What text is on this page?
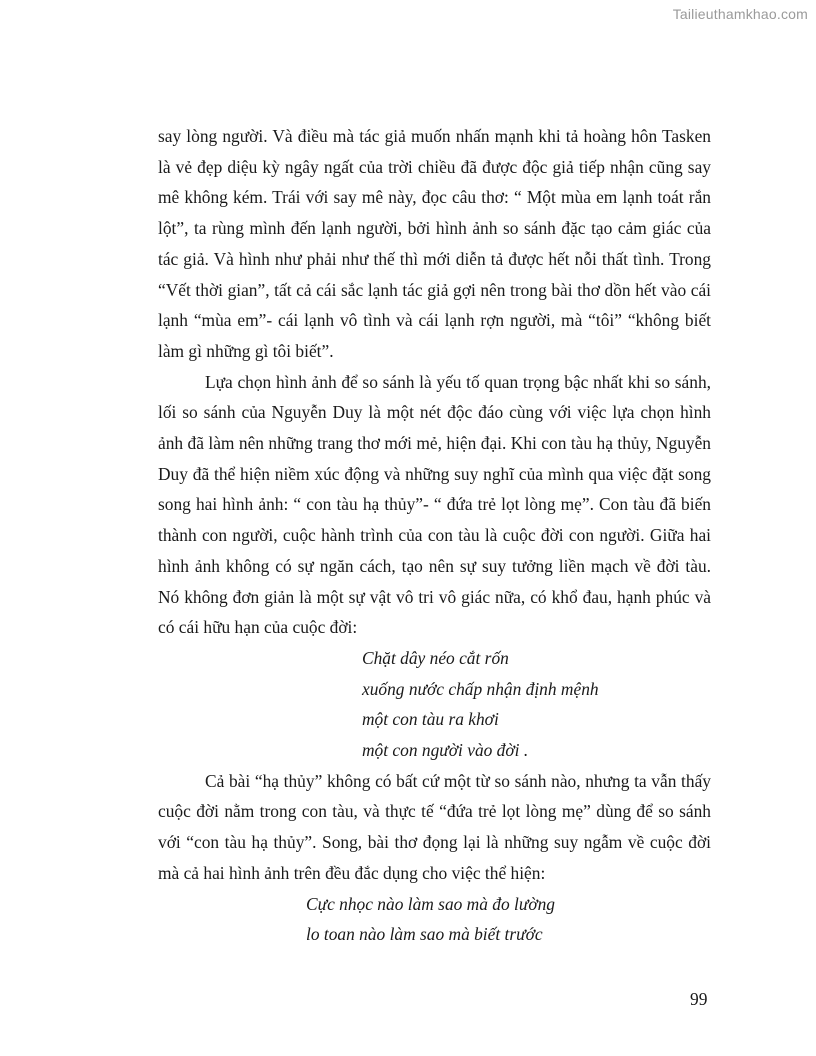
Tailieuthamkhao.com

say lòng người. Và điều mà tác giả muốn nhấn mạnh khi tả hoàng hôn Tasken là vẻ đẹp diệu kỳ ngây ngất của trời chiều đã được độc giả tiếp nhận cũng say mê không kém. Trái với say mê này, đọc câu thơ: “ Một mùa em lạnh toát rắn lột”, ta rùng mình đến lạnh người, bởi hình ảnh so sánh đặc tạo cảm giác của tác giả. Và hình như phải như thế thì mới diễn tả được hết nỗi thất tình. Trong “Vết thời gian”, tất cả cái sắc lạnh tác giả gợi nên trong bài thơ dồn hết vào cái lạnh “mùa em”- cái lạnh vô tình và cái lạnh rợn người, mà “tôi” “không biết làm gì những gì tôi biết”.

Lựa chọn hình ảnh để so sánh là yếu tố quan trọng bậc nhất khi so sánh, lối so sánh của Nguyễn Duy là một nét độc đáo cùng với việc lựa chọn hình ảnh đã làm nên những trang thơ mới mẻ, hiện đại. Khi con tàu hạ thủy, Nguyễn Duy đã thể hiện niềm xúc động và những suy nghĩ của mình qua việc đặt song song hai hình ảnh: “ con tàu hạ thủy”- “ đứa trẻ lọt lòng mẹ”. Con tàu đã biến thành con người, cuộc hành trình của con tàu là cuộc đời con người. Giữa hai hình ảnh không có sự ngăn cách, tạo nên sự suy tưởng liền mạch về đời tàu. Nó không đơn giản là một sự vật vô tri vô giác nữa, có khổ đau, hạnh phúc và có cái hữu hạn của cuộc đời:

Chặt dây néo cắt rốn

xuống nước chấp nhận định mệnh

một con tàu ra khơi

một con người vào đời .

Cả bài “hạ thủy” không có bất cứ một từ so sánh nào, nhưng ta vẫn thấy cuộc đời nằm trong con tàu, và thực tế “đứa trẻ lọt lòng mẹ” dùng để so sánh với “con tàu hạ thủy”. Song, bài thơ đọng lại là những suy ngẫm về cuộc đời mà cả hai hình ảnh trên đều đắc dụng cho việc thể hiện:

Cực nhọc nào làm sao mà đo lường

lo toan nào làm sao mà biết trước

99
